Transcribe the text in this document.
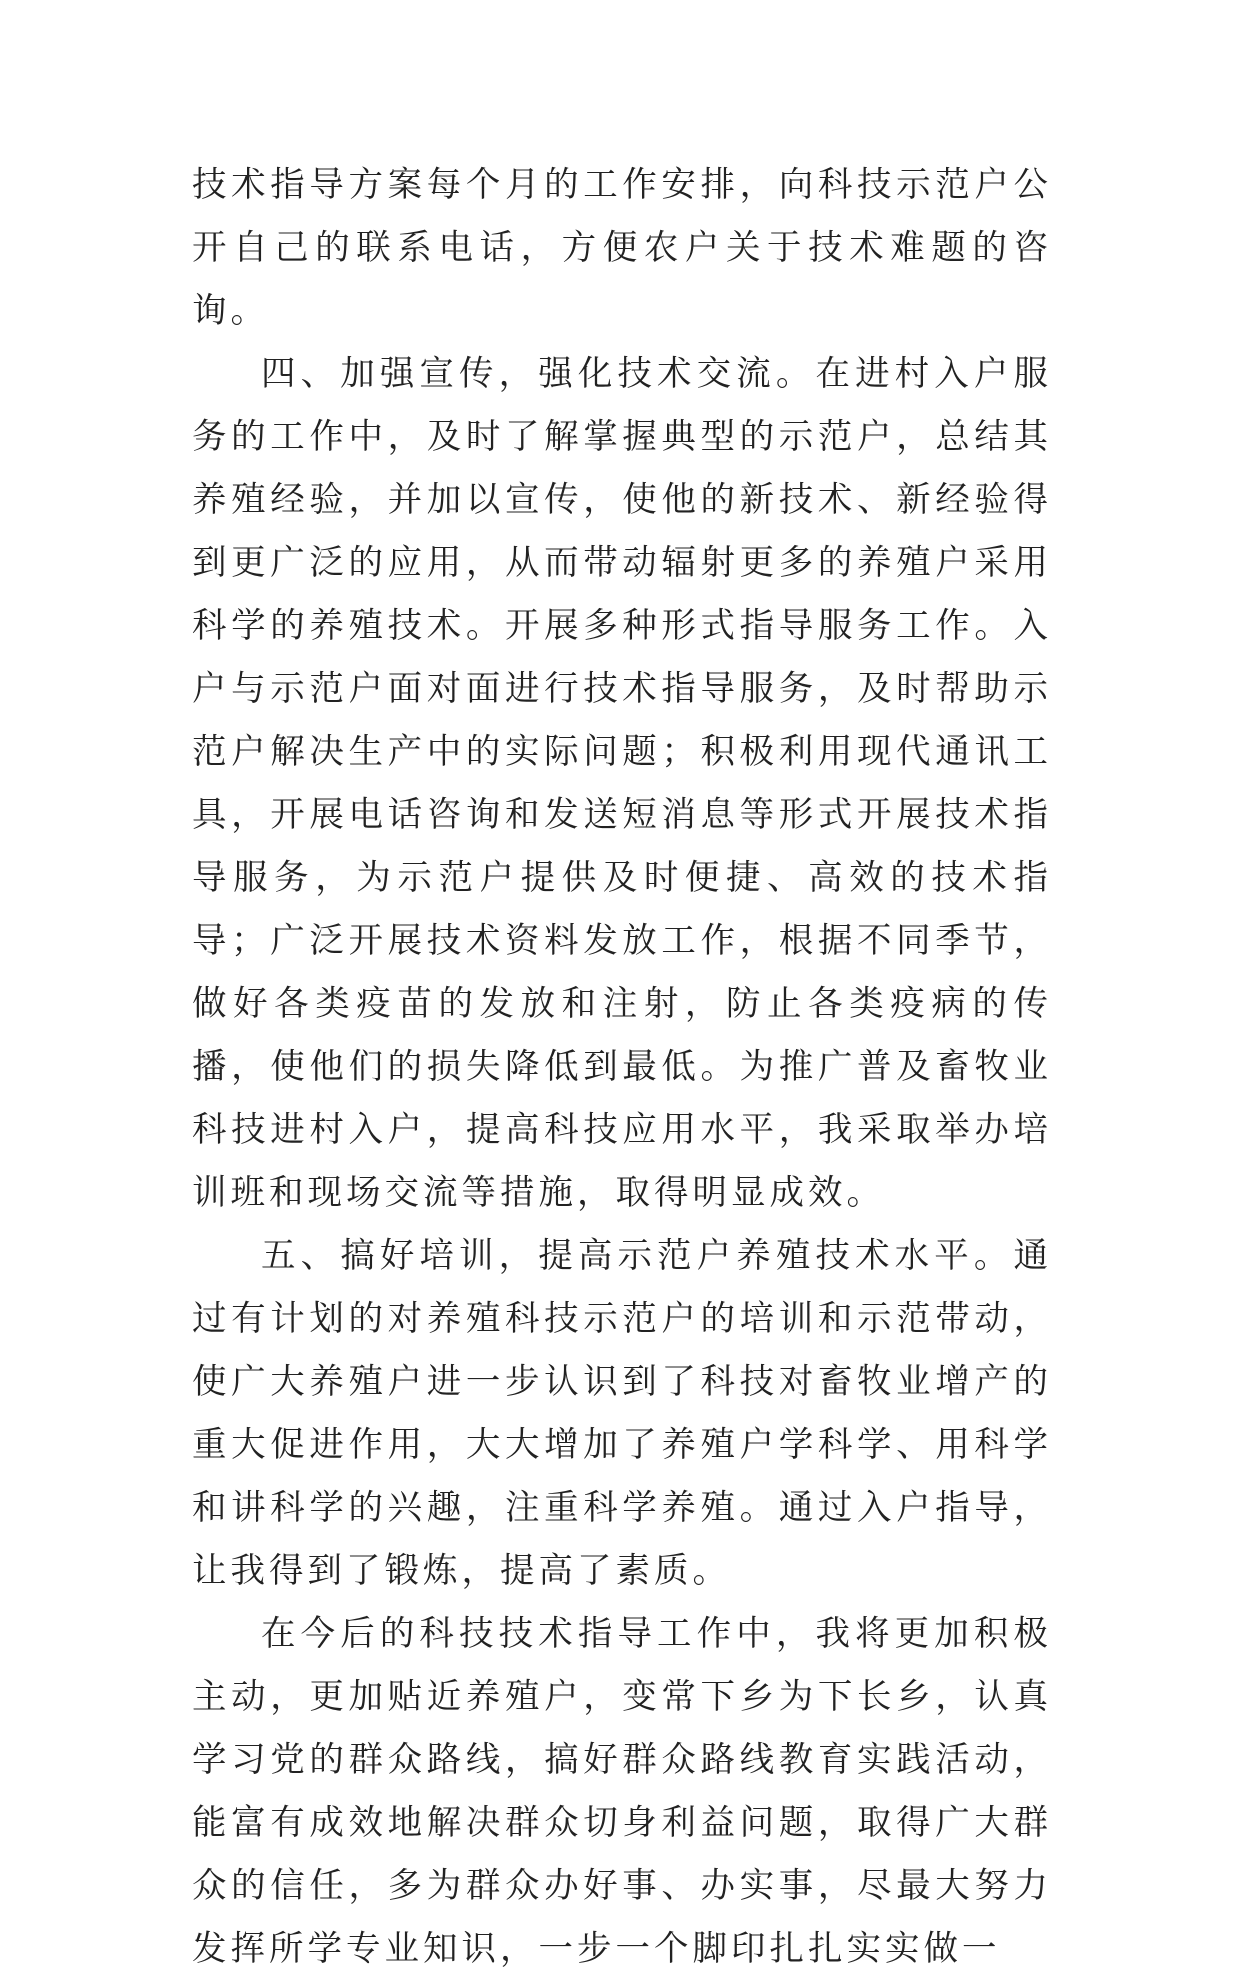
技术指导方案每个月的工作安排，向科技示范户公开自己的联系电话，方便农户关于技术难题的咨询。

四、加强宣传，强化技术交流。在进村入户服务的工作中，及时了解掌握典型的示范户，总结其养殖经验，并加以宣传，使他的新技术、新经验得到更广泛的应用，从而带动辐射更多的养殖户采用科学的养殖技术。开展多种形式指导服务工作。入户与示范户面对面进行技术指导服务，及时帮助示范户解决生产中的实际问题；积极利用现代通讯工具，开展电话咨询和发送短消息等形式开展技术指导服务，为示范户提供及时便捷、高效的技术指导；广泛开展技术资料发放工作，根据不同季节，做好各类疫苗的发放和注射，防止各类疫病的传播，使他们的损失降低到最低。为推广普及畜牧业科技进村入户，提高科技应用水平，我采取举办培训班和现场交流等措施，取得明显成效。

五、搞好培训，提高示范户养殖技术水平。通过有计划的对养殖科技示范户的培训和示范带动，使广大养殖户进一步认识到了科技对畜牧业增产的重大促进作用，大大增加了养殖户学科学、用科学和讲科学的兴趣，注重科学养殖。通过入户指导，让我得到了锻炼，提高了素质。

在今后的科技技术指导工作中，我将更加积极主动，更加贴近养殖户，变常下乡为下长乡，认真学习党的群众路线，搞好群众路线教育实践活动，能富有成效地解决群众切身利益问题，取得广大群众的信任，多为群众办好事、办实事，尽最大努力发挥所学专业知识，一步一个脚印扎扎实实做一
